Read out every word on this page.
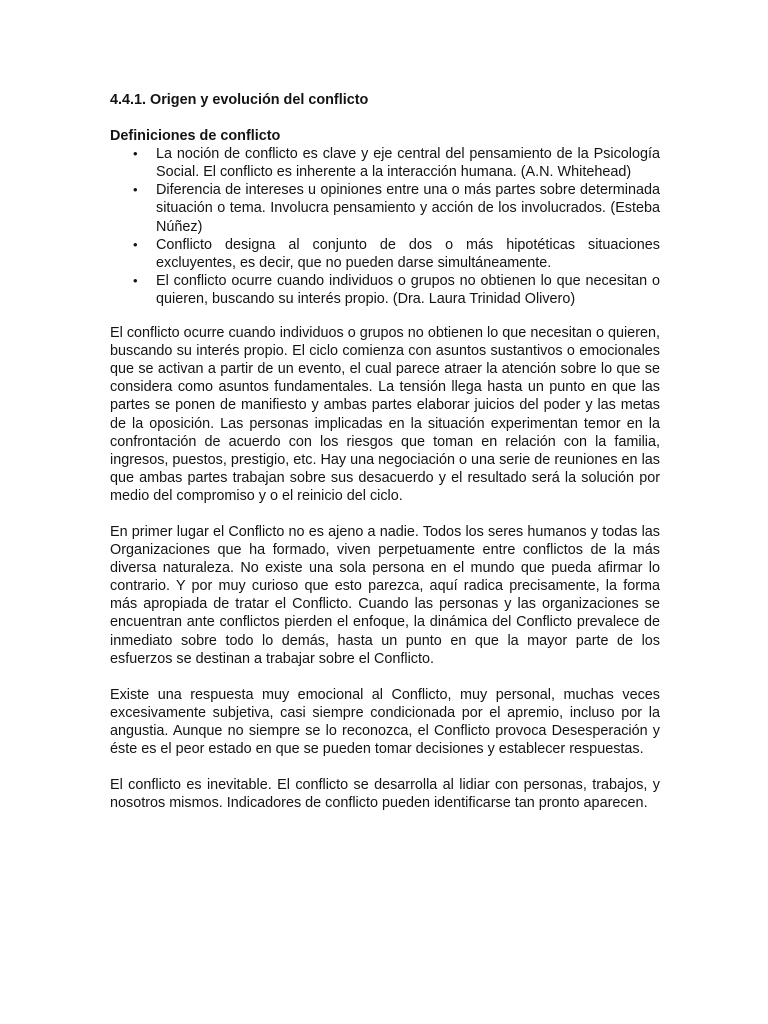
4.4.1. Origen y evolución del conflicto
Definiciones de conflicto
• La noción de conflicto es clave y eje central del pensamiento de la Psicología Social. El conflicto es inherente a la interacción humana. (A.N. Whitehead)
• Diferencia de intereses u opiniones entre una o más partes sobre determinada situación o tema. Involucra pensamiento y acción de los involucrados. (Esteba Núñez)
• Conflicto designa al conjunto de dos o más hipotéticas situaciones excluyentes, es decir, que no pueden darse simultáneamente.
• El conflicto ocurre cuando individuos o grupos no obtienen lo que necesitan o quieren, buscando su interés propio. (Dra. Laura Trinidad Olivero)

El conflicto ocurre cuando individuos o grupos no obtienen lo que necesitan o quieren, buscando su interés propio. El ciclo comienza con asuntos sustantivos o emocionales que se activan a partir de un evento, el cual parece atraer la atención sobre lo que se considera como asuntos fundamentales. La tensión llega hasta un punto en que las partes se ponen de manifiesto y ambas partes elaborar juicios del poder y las metas de la oposición. Las personas implicadas en la situación experimentan temor en la confrontación de acuerdo con los riesgos que toman en relación con la familia, ingresos, puestos, prestigio, etc. Hay una negociación o una serie de reuniones en las que ambas partes trabajan sobre sus desacuerdo y el resultado será la solución por medio del compromiso y o el reinicio del ciclo.

En primer lugar el Conflicto no es ajeno a nadie. Todos los seres humanos y todas las Organizaciones que ha formado, viven perpetuamente entre conflictos de la más diversa naturaleza. No existe una sola persona en el mundo que pueda afirmar lo contrario. Y por muy curioso que esto parezca, aquí radica precisamente, la forma más apropiada de tratar el Conflicto. Cuando las personas y las organizaciones se encuentran ante conflictos pierden el enfoque, la dinámica del Conflicto prevalece de inmediato sobre todo lo demás, hasta un punto en que la mayor parte de los esfuerzos se destinan a trabajar sobre el Conflicto.

Existe una respuesta muy emocional al Conflicto, muy personal, muchas veces excesivamente subjetiva, casi siempre condicionada por el apremio, incluso por la angustia. Aunque no siempre se lo reconozca, el Conflicto provoca Desesperación y éste es el peor estado en que se pueden tomar decisiones y establecer respuestas.

El conflicto es inevitable. El conflicto se desarrolla al lidiar con personas, trabajos, y nosotros mismos. Indicadores de conflicto pueden identificarse tan pronto aparecen.
